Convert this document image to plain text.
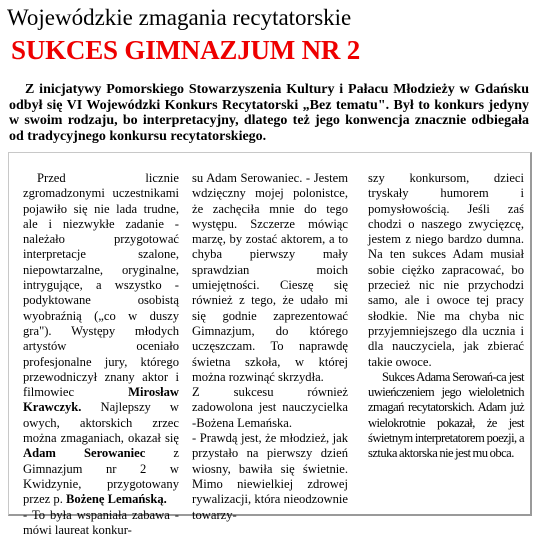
Wojewódzkie zmagania recytatorskie
SUKCES GIMNAZJUM NR 2

Z inicjatywy Pomorskiego Stowarzyszenia Kultury i Pałacu Młodzieży w Gdańsku odbył się VI Wojewódzki Konkurs Recytatorski „Bez tematu". Był to konkurs jedyny w swoim rodzaju, bo interpretacyjny, dlatego też jego konwencja znacznie odbiegała od tradycyjnego konkursu recytatorskiego.

Przed licznie zgromadzonymi uczestnikami pojawiło się nie lada trudne, ale i niezwykłe zadanie - należało przygotować interpretacje szalone, niepowtarzalne, oryginalne, intrygujące, a wszystko - podyktowane osobistą wyobraźnią („co w duszy gra"). Występy młodych artystów oceniało profesjonalne jury, którego przewodniczył znany aktor i filmowiec Mirosław Krawczyk. Najlepszy w owych, aktorskich zrzec można zmaganiach, okazał się Adam Serowaniec z Gimnazjum nr 2 w Kwidzynie, przygotowany przez p. Bożenę Lemańską.

- To była wspaniała zabawa - mówi laureat konkur-

su Adam Serowaniec. - Jestem wdzięczny mojej polonistce, że zachęciła mnie do tego występu. Szczerze mówiąc marzę, by zostać aktorem, a to chyba pierwszy mały sprawdzian moich umiejętności. Cieszę się również z tego, że udało mi się godnie zaprezentować Gimnazjum, do którego uczęszczam. To naprawdę świetna szkoła, w której można rozwinąć skrzydła.

Z sukcesu również zadowolona jest nauczycielka -Bożena Lemańska.

- Prawdą jest, że młodzież, jak przystało na pierwszy dzień wiosny, bawiła się świetnie. Mimo niewielkiej zdrowej rywalizacji, która nieodzownie towarzy-

szy konkursom, dzieci tryskały humorem i pomysłowością. Jeśli zaś chodzi o naszego zwycięzcę, jestem z niego bardzo dumna. Na ten sukces Adam musiał sobie ciężko zapracować, bo przecież nic nie przychodzi samo, ale i owoce tej pracy słodkie. Nie ma chyba nic przyjemniejszego dla ucznia i dla nauczyciela, jak zbierać takie owoce.

Sukces Adama Serowań-ca jest uwieńczeniem jego wieloletnich zmagań recytatorskich. Adam już wielokrotnie pokazał, że jest świetnym interpretatorem poezji, a sztuka aktorska nie jest mu obca.
